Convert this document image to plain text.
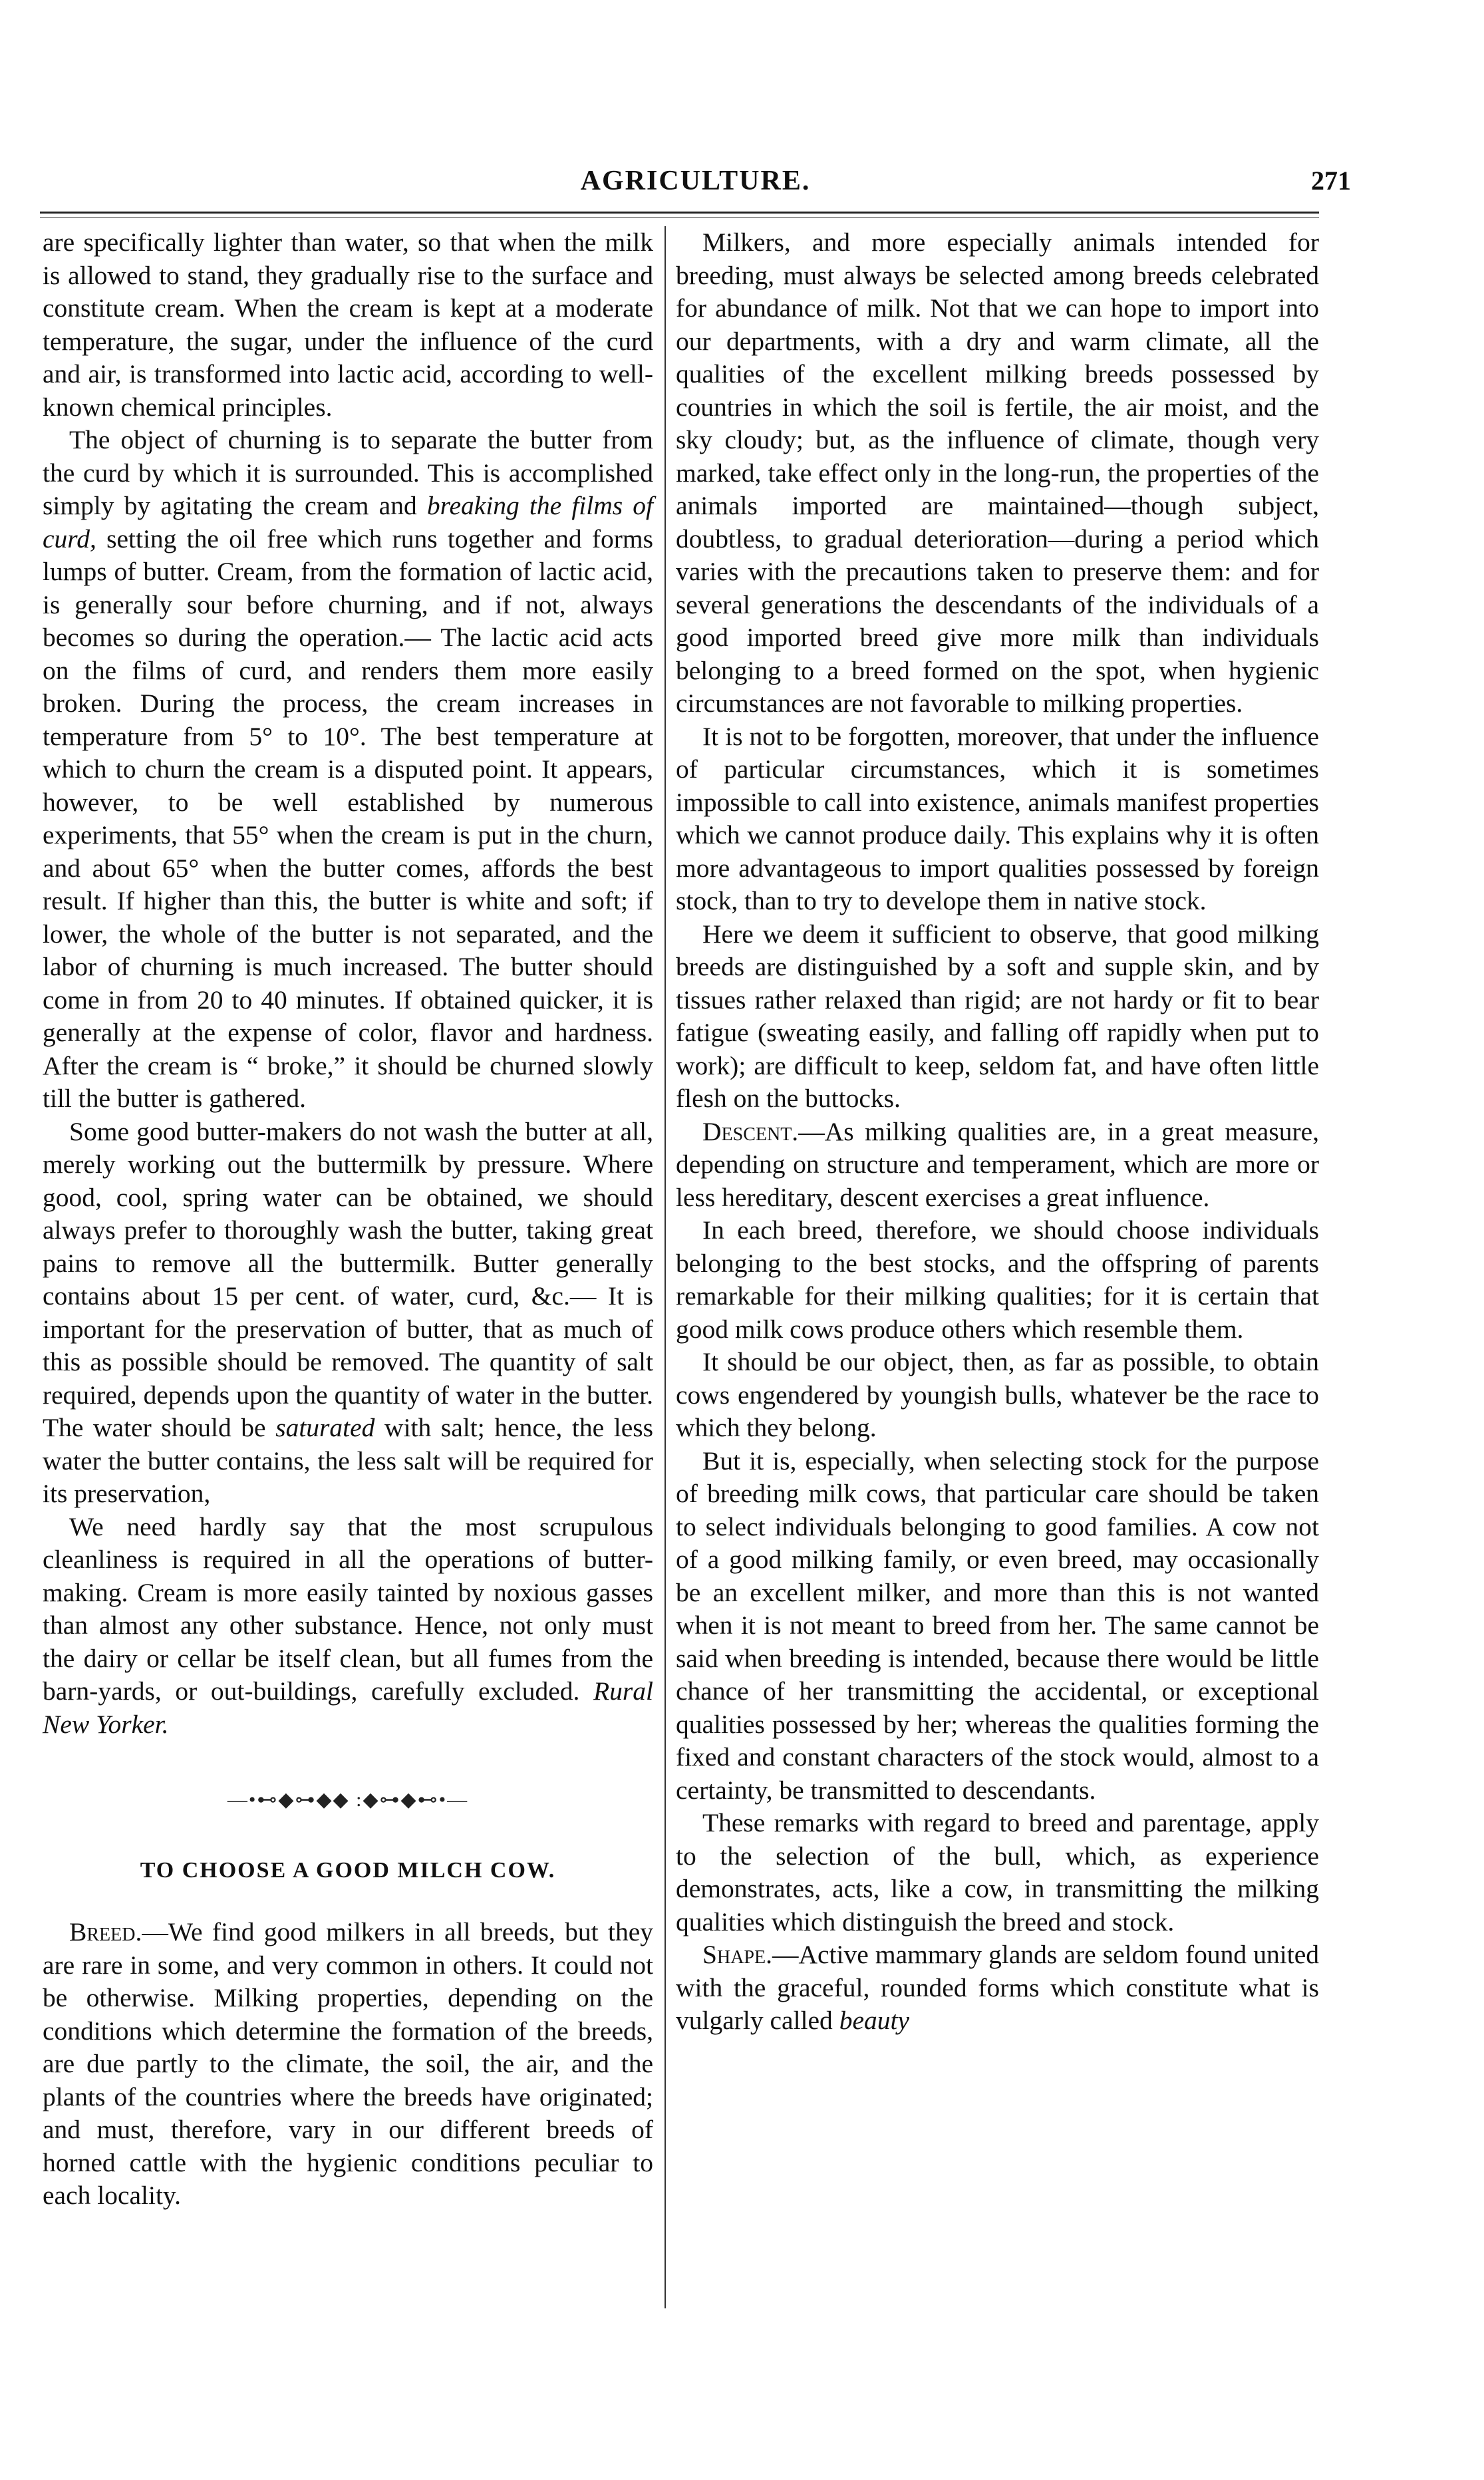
AGRICULTURE.	271

are specifically lighter than water, so that when the milk is allowed to stand, they gradually rise to the surface and constitute cream. When the cream is kept at a moderate temperature, the sugar, under the influence of the curd and air, is transformed into lactic acid, according to well-known chemical principles.

The object of churning is to separate the butter from the curd by which it is surrounded. This is accomplished simply by agitating the cream and breaking the films of curd, setting the oil free which runs together and forms lumps of butter. Cream, from the formation of lactic acid, is generally sour before churning, and if not, always becomes so during the operation.— The lactic acid acts on the films of curd, and renders them more easily broken. During the process, the cream increases in temperature from 5° to 10°. The best temperature at which to churn the cream is a disputed point. It appears, however, to be well established by numerous experiments, that 55° when the cream is put in the churn, and about 65° when the butter comes, affords the best result. If higher than this, the butter is white and soft; if lower, the whole of the butter is not separated, and the labor of churning is much increased. The butter should come in from 20 to 40 minutes. If obtained quicker, it is generally at the expense of color, flavor and hardness. After the cream is “ broke,” it should be churned slowly till the butter is gathered.

Some good butter-makers do not wash the butter at all, merely working out the buttermilk by pressure. Where good, cool, spring water can be obtained, we should always prefer to thoroughly wash the butter, taking great pains to remove all the buttermilk. Butter generally contains about 15 per cent. of water, curd, &c.— It is important for the preservation of butter, that as much of this as possible should be removed. The quantity of salt required, depends upon the quantity of water in the butter. The water should be saturated with salt; hence, the less water the butter contains, the less salt will be required for its preservation,

We need hardly say that the most scrupulous cleanliness is required in all the operations of butter-making. Cream is more easily tainted by noxious gasses than almost any other substance. Hence, not only must the dairy or cellar be itself clean, but all fumes from the barn-yards, or out-buildings, carefully excluded. Rural New Yorker.

—•⊷◆⊶◆◆ :◆⊶◆⊷•—
TO CHOOSE A GOOD MILCH COW.

Breed.—We find good milkers in all breeds, but they are rare in some, and very common in others. It could not be otherwise. Milking properties, depending on the conditions which determine the formation of the breeds, are due partly to the climate, the soil, the air, and the plants of the countries where the breeds have originated; and must, therefore, vary in our different breeds of horned cattle with the hygienic conditions peculiar to each locality.

Milkers, and more especially animals intended for breeding, must always be selected among breeds celebrated for abundance of milk. Not that we can hope to import into our departments, with a dry and warm climate, all the qualities of the excellent milking breeds possessed by countries in which the soil is fertile, the air moist, and the sky cloudy; but, as the influence of climate, though very marked, take effect only in the long-run, the properties of the animals imported are maintained—though subject, doubtless, to gradual deterioration—during a period which varies with the precautions taken to preserve them: and for several generations the descendants of the individuals of a good imported breed give more milk than individuals belonging to a breed formed on the spot, when hygienic circumstances are not favorable to milking properties.

It is not to be forgotten, moreover, that under the influence of particular circumstances, which it is sometimes impossible to call into existence, animals manifest properties which we cannot produce daily. This explains why it is often more advantageous to import qualities possessed by foreign stock, than to try to develope them in native stock.

Here we deem it sufficient to observe, that good milking breeds are distinguished by a soft and supple skin, and by tissues rather relaxed than rigid; are not hardy or fit to bear fatigue (sweating easily, and falling off rapidly when put to work); are difficult to keep, seldom fat, and have often little flesh on the buttocks.

Descent.—As milking qualities are, in a great measure, depending on structure and temperament, which are more or less hereditary, descent exercises a great influence.

In each breed, therefore, we should choose individuals belonging to the best stocks, and the offspring of parents remarkable for their milking qualities; for it is certain that good milk cows produce others which resemble them.

It should be our object, then, as far as possible, to obtain cows engendered by youngish bulls, whatever be the race to which they belong.

But it is, especially, when selecting stock for the purpose of breeding milk cows, that particular care should be taken to select individuals belonging to good families. A cow not of a good milking family, or even breed, may occasionally be an excellent milker, and more than this is not wanted when it is not meant to breed from her. The same cannot be said when breeding is intended, because there would be little chance of her transmitting the accidental, or exceptional qualities possessed by her; whereas the qualities forming the fixed and constant characters of the stock would, almost to a certainty, be transmitted to descendants.

These remarks with regard to breed and parentage, apply to the selection of the bull, which, as experience demonstrates, acts, like a cow, in transmitting the milking qualities which distinguish the breed and stock.

Shape.—Active mammary glands are seldom found united with the graceful, rounded forms which constitute what is vulgarly called beauty
